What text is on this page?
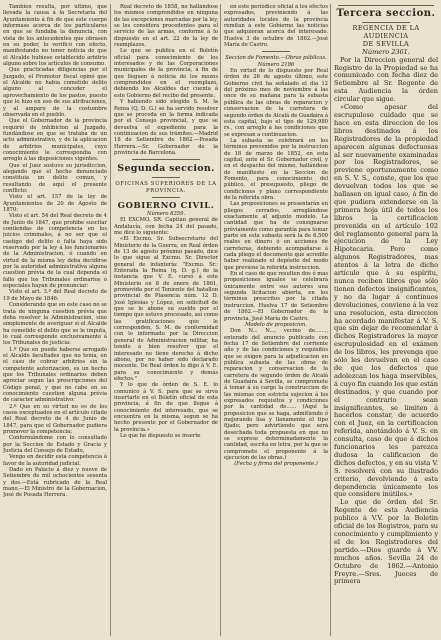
Tambien resulta, por último, que llevada la causa á la Secretaría del Ayuntamiento á fin de que este cuerpo informase acerca de los particulares en que se fundaba la denuncia, con vista de los antecedentes que obrasen en su poder, lo verificó con efecto, manifestando no tener noticia de que el Alcalde hubiese establecido arbitrio alguno sobre los artículos de consumo.

Que practicadas diligencias por el Juzgado, el Promotor fiscal opinó que el Alcalde no habia cometido delito alguno al conceder el aprovechamiento de los pastos, puesto que lo hizo en uso de sus atribuciones, y al amparo de la costumbre observada en el pueblo.

Que el Gobernador de la provincia requirió de inhibicion al Juzgado, fundándose en que se trataba de un acto administrativo, y de la aplicacion de arbitrios municipales, cuyo conocimiento le correspondia con arreglo á las disposiciones vigentes.

Que el Juez sostuvo su jurisdiccion, alegando que el hecho denunciado constituia un delito comun, y resultando de aquí el presente conflicto:

Visto el art. 157 de la ley de Ayuntamientos de 20 de Agosto de 1870:

Visto el art. 54 del Real decreto de 4 de Junio de 1847, que prohibe suscitar contiendas de competencia en los juicios criminales, á no ser que el castigo del delito ó falta haya sido reservado por la ley á los funcionarios de la Administracion, ó cuando en virtud de la misma ley deba decidirse por la autoridad administrativa alguna cuestion prévia de la cual dependa el fallo que los Tribunales ordinarios ó especiales hayan de pronunciar:

Visto el art. 3.º del Real decreto de 19 de Mayo de 1846:

Considerando que en este caso no se trata de ninguna cuestion prévia que deba resolver la Administracion, sino simplemente de averiguar si el Alcalde ha cometido el delito que se le imputa, lo cual corresponde exclusivamente á los Tribunales de justicia:

1.º Que en puede haberse arrogado el Alcalde facultades que no tenia, en el caso de cobrar arbitrios sin la competente autorizacion, es un hecho que los Tribunales ordinarios deben apreciar segun las prescripciones del Código penal, y que no cabe en su conocimiento cuestion alguna prévia de caracter administrativo:

2.º Que en su virtud no es de los casos exceptuados en el artículo citado del Real decreto de 4 de Junio de 1847, para que el Gobernador pudiera promover la competencia;

Conformándome con lo consultado por la Seccion de Estado y Gracia y Justicia del Consejo de Estado,

Vengo en decidir esta competencia á favor de la autoridad judicial.

Dado en Palacio á diez y nueve de Setiembre de mil ochocientos sesenta y dos.—Está rubricado de la Real mano.—El Ministro de la Gobernacion, José de Posada Herrera.

Real decreto de 1858, no hallándose los mismos comprendidos en ninguna de las excepciones marcadas por la ley, se les considera procedentes para el servicio de las armas, conforme á lo dispuesto en el art. 22 de la ley de reemplazos.

Lo que se publica en el Boletín oficial para conocimiento de los interesados y de las Corporaciones municipales de la provincia, á fin de que lleguen á noticia de los mozos comprendidos en el reemplazo, debiendo los Alcaldes dar cuenta á este Gobierno del recibo del presente.

Y habiendo sido elegido S. M. la Reina (Q. D. G.) se ha servido resolver que se proceda en la forma indicada por el Consejo provincial, y que se devuelva el expediente para la continuacion de sus trámites.—Madrid 18 de Setiembre de 1862.—Posada Herrera.—Sr. Gobernador de la provincia de Barcelona.

Segunda seccion.

OFICINAS SUPERIORES DE LA PROVINCIA.

GOBIERNO CIVIL.

Número 8359.

El EXCMO. SR. Capitan general de Andalucía, con fecha 24 del pasado, me dice lo siguiente:

«El Excmo. Sr. Subsecretario del Ministerio de la Guerra, en Real órden de 13 de agosto próximo pasado, dice lo que sigue al Excmo. Sr. Director general de infantería: "Excmo. Sr.: Enterada la Reina (q. D. g.) de la instancia que V. E. cursó á este Ministerio en 8 de enero de 1861, promovida por el Teniente del batallon provincial de Plasencia núm. 12 D. José Iglesias y López, en solicitud de que se le abone su sueldo por el tiempo que estuvo procesado, así como las gratificaciones que le corresponden, S. M. de conformidad con lo informado por la Direccion general de Administracion militar, ha tenido á bien resolver que el interesado no tiene derecho á dicho abono, por no haber sido declarado inocente. De Real órden lo digo á V. E. para su conocimiento y demás efectos."

Y lo que de órden de S. E. lo comunico á V. S. para que se sirva insertarlo en el Boletín oficial de esta provincia, á fin de que llegue á conocimiento del interesado, que se encuentra en la misma, segun se ha hecho presente por el Gobernador de la provincia.»

Lo que he dispuesto se inserte

en este periódico oficial á los efectos expresados, previniendo á las autoridades locales de la provincia remitan á este Gobierno las noticias que adquieran acerca del interesado. Huelva 3 de octubre de 1862.—José María de Castro.

Seccion de Fomento.—Obras públicas.

Número 2186

En virtud de lo dispuesto por Real órden de 26 de agosto último, este Gobierno civil ha señalado el dia 12 del próximo mes de noviembre á las once de su mañana para la subasta pública de las obras de reparacion y conservacion de la carretera de segundo órden de Alcalá de Guadaira á esta capital, bajo el tipo de 129,980 rs., con arreglo á las condiciones que se expresan a continuacion.

La subasta se celebrará en los términos prevenidos por la instruccion de 18 de marzo de 1852, en esta capital, ante el Sr. Gobernador civil, y en el despacho del mismo, hallándose de manifiesto en la Seccion de Fomento, para conocimiento del público, el presupuesto, pliego de condiciones y plano correspondiente de la referida obra.

Las proposiciones se presentarán en pliegos cerrados, arreglándose exactamente al adjunto modelo. La cantidad que ha de consignarse préviamente como garantía para tomar parte en esta subasta será la de 6.500 reales en dinero ó en acciones de carreteras, debiendo acompañarse á cada pliego el documento que acredite haber realizado el depósito del modo que previene la referida instruccion.

En el caso de que resulten dos ó mas proposiciones iguales se celebrará únicamente entre sus autores una segunda licitacion abierta, en los términos prescritos por la citada instruccion. Huelva 17 de Setiembre de 1862.—El Gobernador de la provincia, José María de Castro.

Modelo de proposicion.

Don N... N..., vecino de......., enterado del anuncio publicado con fecha 17 de Setiembre del corriente año y de las condiciones y requisitos que se exigen para la adjudicacion en pública subasta de las obras de reparacion y conservacion de la carretera de segundo órden de Alcalá de Guadaira á Sevilla, se compromete á tomar á su cargo la construccion de las mismas con estricta sujecion á los expresados requisitos y condiciones por la cantidad de...... (Aquí la proposicion que se haga, admitiendo ó mejorando lisa y llanamente el tipo fijado; pero advirtiendo que será desechada toda propuesta en que no se exprese determinadamente la cantidad, escrita en letra, por la que se compromete el proponente á la ejecucion de las obras.)

(Fecha y firma del proponente.)

Tercera seccion.

REGENCIA DE LA AUDIENCIA

DE SEVILLA

Número 2361.

Por la Direccion general del Registro de la Propiedad se ha comunicado con fecha diez de Setiembre al Sr. Regente de esta Audiencia la órden circular que sigue.

«Como apesar del escrupuloso cuidado que se hace en esta direccion de los libros destinados á los Registradores de la propiedad aparecen algunas defectuosas al ser nuevamente examinadas por los Registradores, se previene oportunamente como en S. V. S., conste, que los que devuelvan todos los que se hallasen en igual caso, á fin de que pudiera extenderse en la primera hoja útil de todos los libros la certificacion prevenida en el artículo 102 del reglamento general para la ejecucion de la Ley Hipotecaria. Pero como algunos Registradores, mas atentos á la letra de dicho artículo que á su espíritu, nunca reciben libros que sólo tienen defectos insignificantes, y no da lugar á continuos devoluciones, conviene á la vez una resolucion, esta direccion ha acordado manifestar á V. S. que sin dejar de recomendar á dichos Registradores la mayor escrupulosidad en el exámen de los libros, les prevenga que sólo les devuelvan en el caso de que los defectos que adolezcan los haga inservibles, á cuyo fin cuando los que están destinados, y que cuando por el contrario sean insignificantes, se limiten á hacerlos constar, de acuerdo con el Juez, en la certificacion referida, anotándolo á V. S. en consulta, caso de que á dichos funcionarios les parezca dudosa la calificacion de dichos defectos, y en su vista V. S. resolverá con su ilustrado criterio, devolviendo á esta dependencia únicamente los que considere inútiles.»

Lo que de órden del Sr. Regente de esta Audiencia publico á V.V. por la Boletin oficial de los Registros, para su conocimiento y cumplimiento y el de los Registradores del partido.—Dios guarde á VV. muchos años. Sevilla 24 de Octubre de 1862.—Antonio Freyre.—Sres. Jueces de primera
